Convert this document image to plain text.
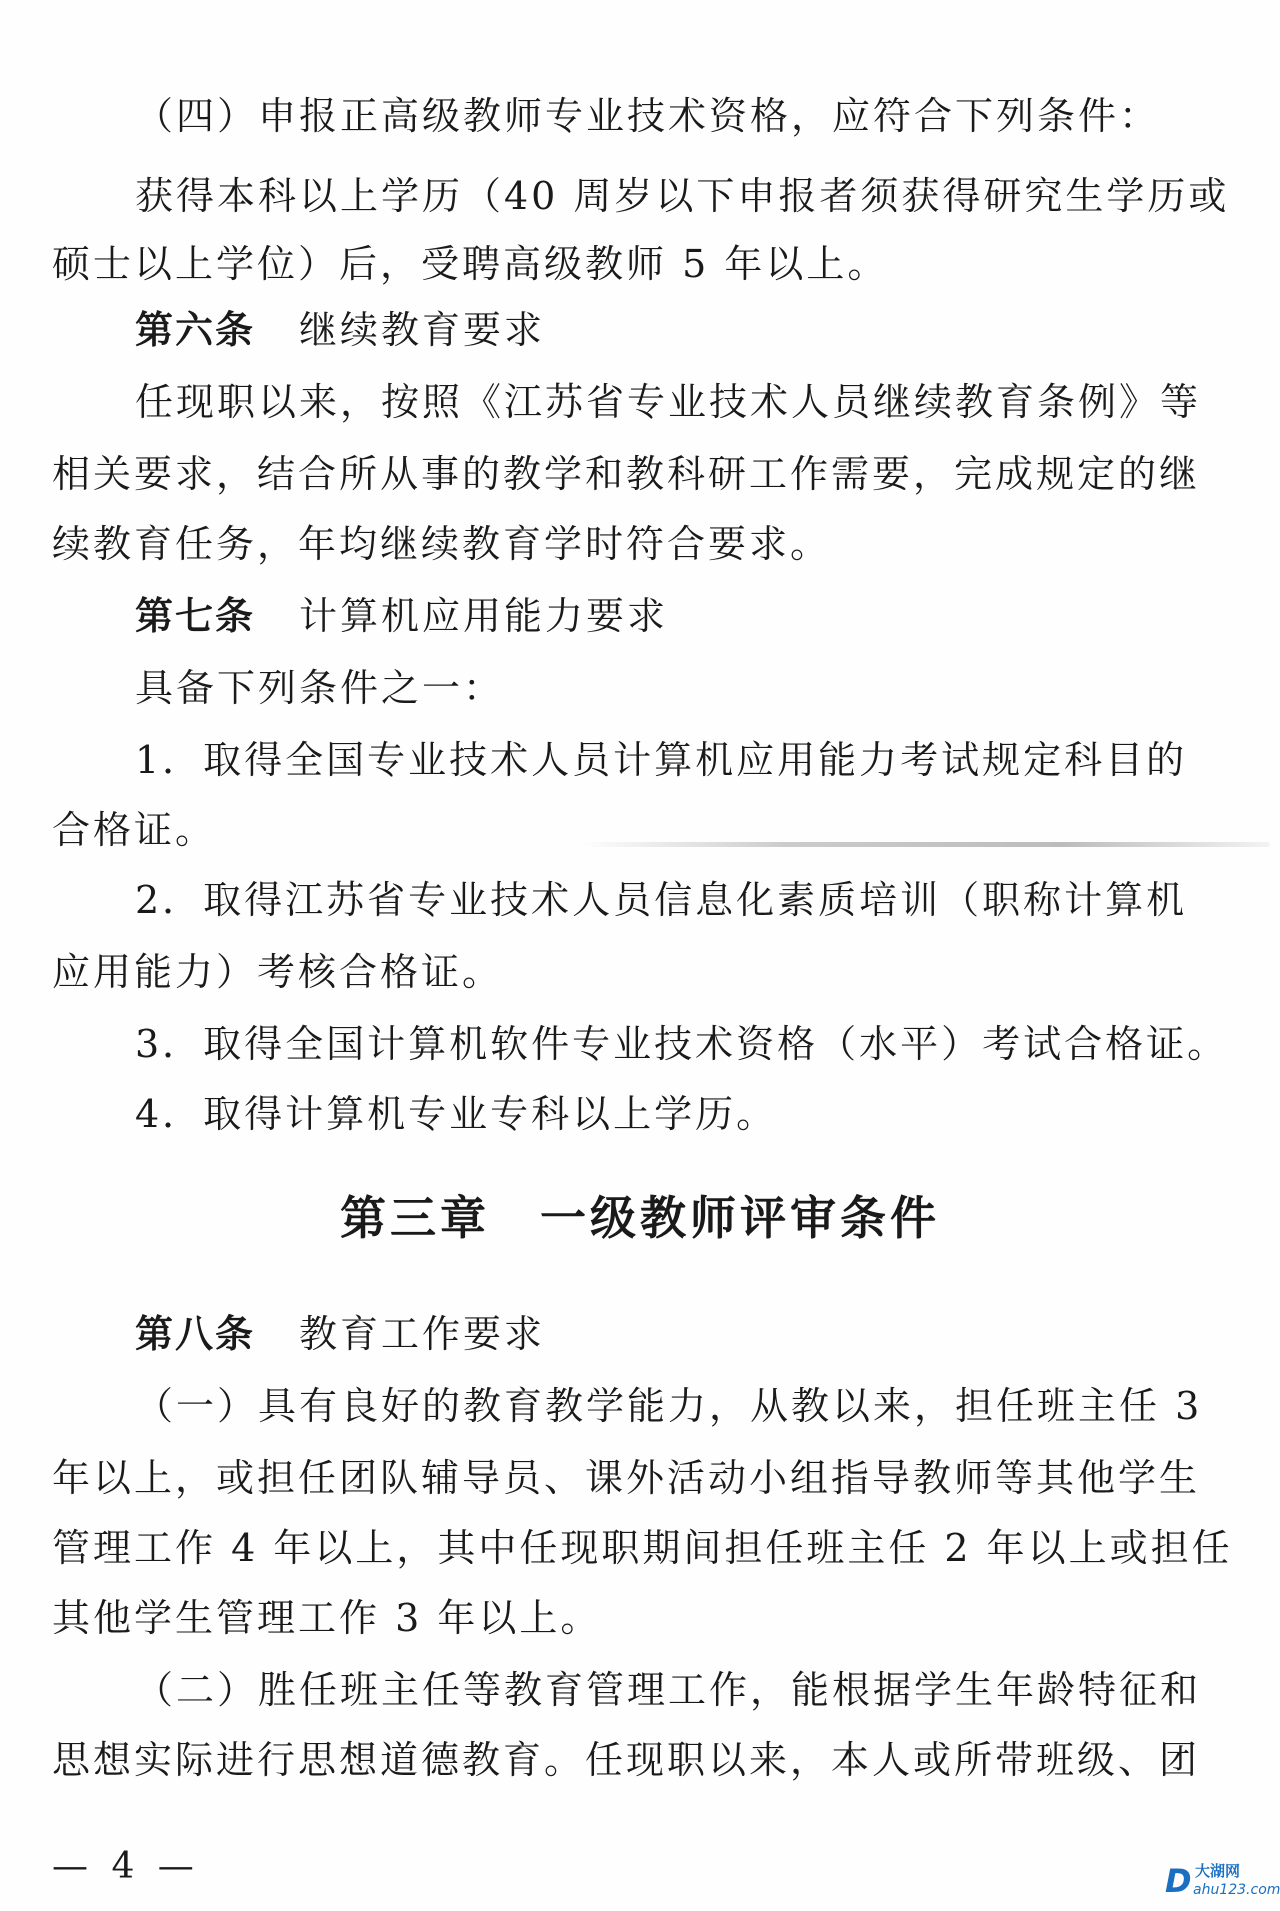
（四）申报正高级教师专业技术资格，应符合下列条件：
获得本科以上学历（40 周岁以下申报者须获得研究生学历或
硕士以上学位）后，受聘高级教师 5 年以上。
第六条 继续教育要求
任现职以来，按照《江苏省专业技术人员继续教育条例》等
相关要求，结合所从事的教学和教科研工作需要，完成规定的继
续教育任务，年均继续教育学时符合要求。
第七条 计算机应用能力要求
具备下列条件之一：
1．取得全国专业技术人员计算机应用能力考试规定科目的
合格证。
2．取得江苏省专业技术人员信息化素质培训（职称计算机
应用能力）考核合格证。
3．取得全国计算机软件专业技术资格（水平）考试合格证。
4．取得计算机专业专科以上学历。
第三章 一级教师评审条件
第八条 教育工作要求
（一）具有良好的教育教学能力，从教以来，担任班主任 3
年以上，或担任团队辅导员、课外活动小组指导教师等其他学生
管理工作 4 年以上，其中任现职期间担任班主任 2 年以上或担任
其他学生管理工作 3 年以上。
（二）胜任班主任等教育管理工作，能根据学生年龄特征和
思想实际进行思想道德教育。任现职以来，本人或所带班级、团
— 4 —	D 大湖网
ahu123.com
